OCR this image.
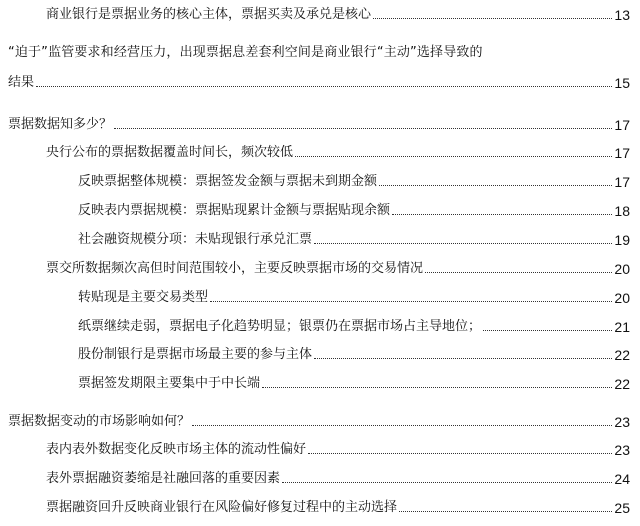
商业银行是票据业务的核心主体，票据买卖及承兑是核心	13
“迫于”监管要求和经营压力，出现票据息差套利空间是商业银行“主动”选择导致的
结果	15
票据数据知多少？	17
央行公布的票据数据覆盖时间长，频次较低	17
反映票据整体规模：票据签发金额与票据未到期金额	17
反映表内票据规模：票据贴现累计金额与票据贴现余额	18
社会融资规模分项：未贴现银行承兑汇票	19
票交所数据频次高但时间范围较小，主要反映票据市场的交易情况	20
转贴现是主要交易类型	20
纸票继续走弱，票据电子化趋势明显；银票仍在票据市场占主导地位；	21
股份制银行是票据市场最主要的参与主体	22
票据签发期限主要集中于中长端	22
票据数据变动的市场影响如何？	23
表内表外数据变化反映市场主体的流动性偏好	23
表外票据融资萎缩是社融回落的重要因素	24
票据融资回升反映商业银行在风险偏好修复过程中的主动选择	25
